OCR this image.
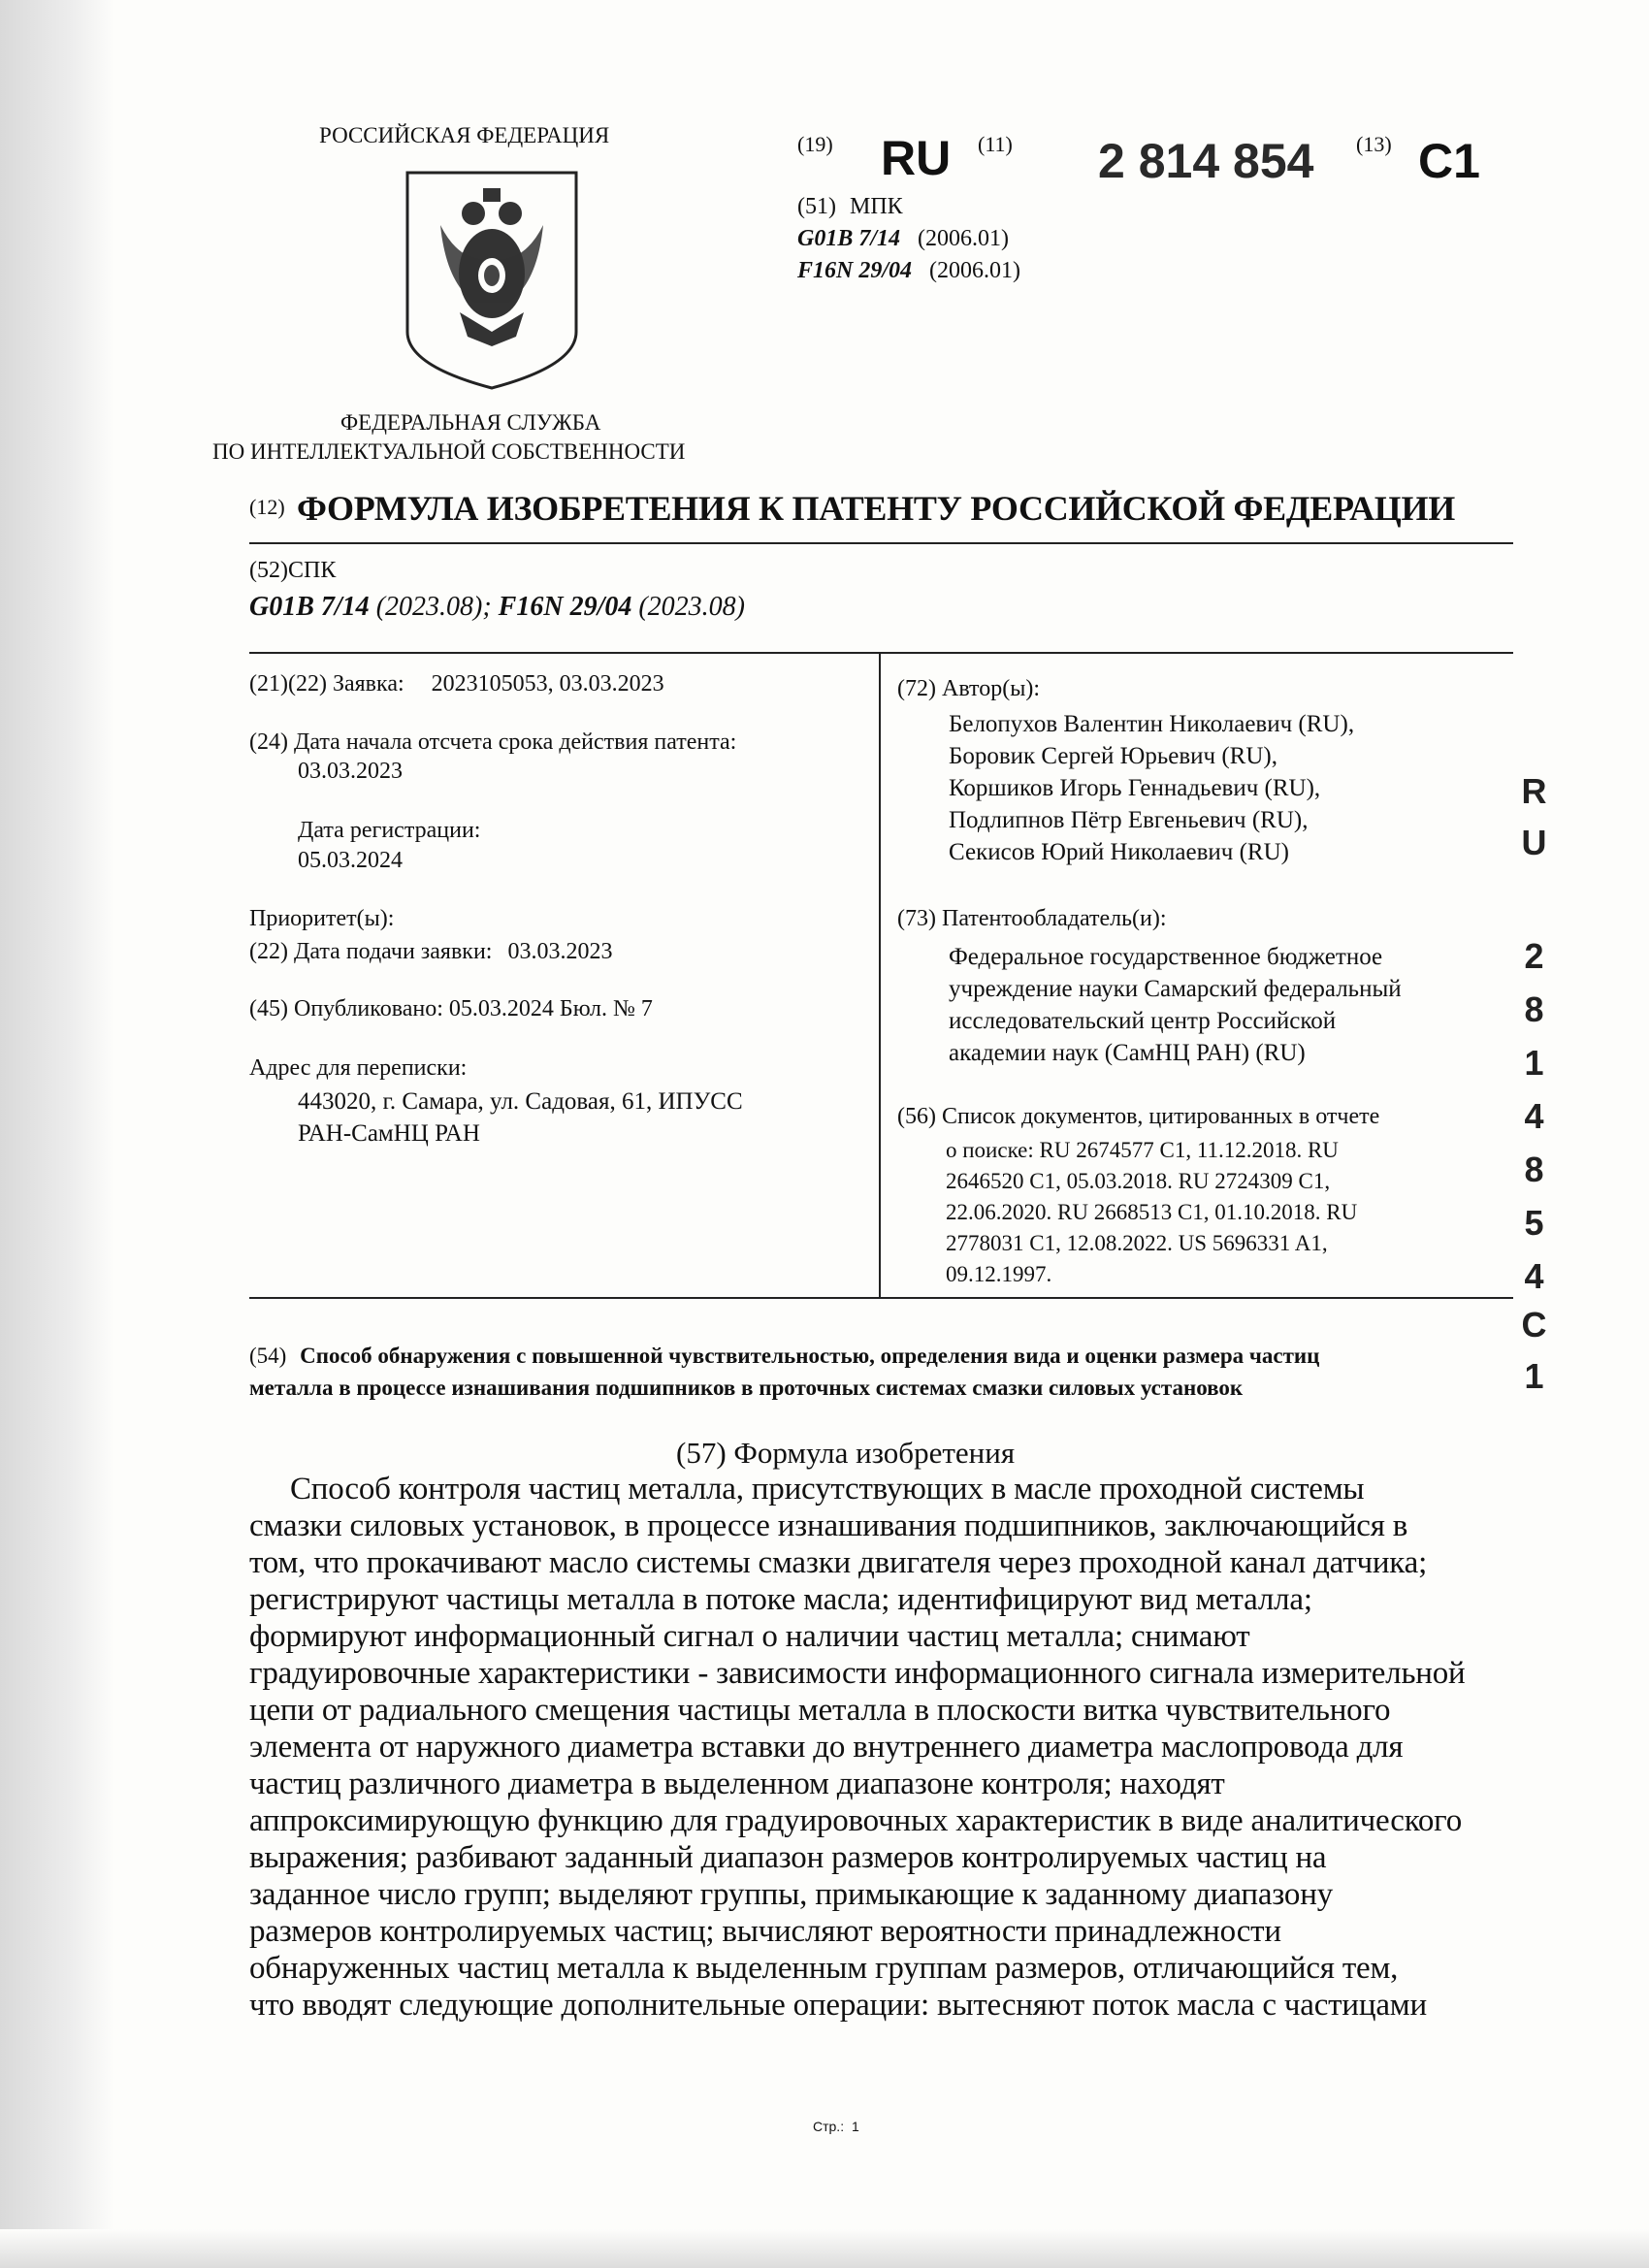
РОССИЙСКАЯ ФЕДЕРАЦИЯ
ФЕДЕРАЛЬНАЯ СЛУЖБА
ПО ИНТЕЛЛЕКТУАЛЬНОЙ СОБСТВЕННОСТИ
(19) RU (11) 2 814 854 (13) C1
(51) МПК
G01B 7/14 (2006.01)
F16N 29/04 (2006.01)
(12) ФОРМУЛА ИЗОБРЕТЕНИЯ К ПАТЕНТУ РОССИЙСКОЙ ФЕДЕРАЦИИ
(52)СПК
G01B 7/14 (2023.08); F16N 29/04 (2023.08)
(21)(22) Заявка: 2023105053, 03.03.2023
(24) Дата начала отсчета срока действия патента:
03.03.2023
Дата регистрации:
05.03.2024
Приоритет(ы):
(22) Дата подачи заявки: 03.03.2023
(45) Опубликовано: 05.03.2024 Бюл. № 7
Адрес для переписки:
443020, г. Самара, ул. Садовая, 61, ИПУСС
РАН-СамНЦ РАН
(72) Автор(ы):
Белопухов Валентин Николаевич (RU),
Боровик Сергей Юрьевич (RU),
Коршиков Игорь Геннадьевич (RU),
Подлипнов Пётр Евгеньевич (RU),
Секисов Юрий Николаевич (RU)
(73) Патентообладатель(и):
Федеральное государственное бюджетное
учреждение науки Самарский федеральный
исследовательский центр Российской
академии наук (СамНЦ РАН) (RU)
(56) Список документов, цитированных в отчете
о поиске: RU 2674577 C1, 11.12.2018. RU
2646520 C1, 05.03.2018. RU 2724309 C1,
22.06.2020. RU 2668513 C1, 01.10.2018. RU
2778031 C1, 12.08.2022. US 5696331 A1,
09.12.1997.
(54) Способ обнаружения с повышенной чувствительностью, определения вида и оценки размера частиц
металла в процессе изнашивания подшипников в проточных системах смазки силовых установок
(57) Формула изобретения
Способ контроля частиц металла, присутствующих в масле проходной системы
смазки силовых установок, в процессе изнашивания подшипников, заключающийся в
том, что прокачивают масло системы смазки двигателя через проходной канал датчика;
регистрируют частицы металла в потоке масла; идентифицируют вид металла;
формируют информационный сигнал о наличии частиц металла; снимают
градуировочные характеристики - зависимости информационного сигнала измерительной
цепи от радиального смещения частицы металла в плоскости витка чувствительного
элемента от наружного диаметра вставки до внутреннего диаметра маслопровода для
частиц различного диаметра в выделенном диапазоне контроля; находят
аппроксимирующую функцию для градуировочных характеристик в виде аналитического
выражения; разбивают заданный диапазон размеров контролируемых частиц на
заданное число групп; выделяют группы, примыкающие к заданному диапазону
размеров контролируемых частиц; вычисляют вероятности принадлежности
обнаруженных частиц металла к выделенным группам размеров, отличающийся тем,
что вводят следующие дополнительные операции: вытесняют поток масла с частицами
RU
2814854
C1
Стр.: 1
